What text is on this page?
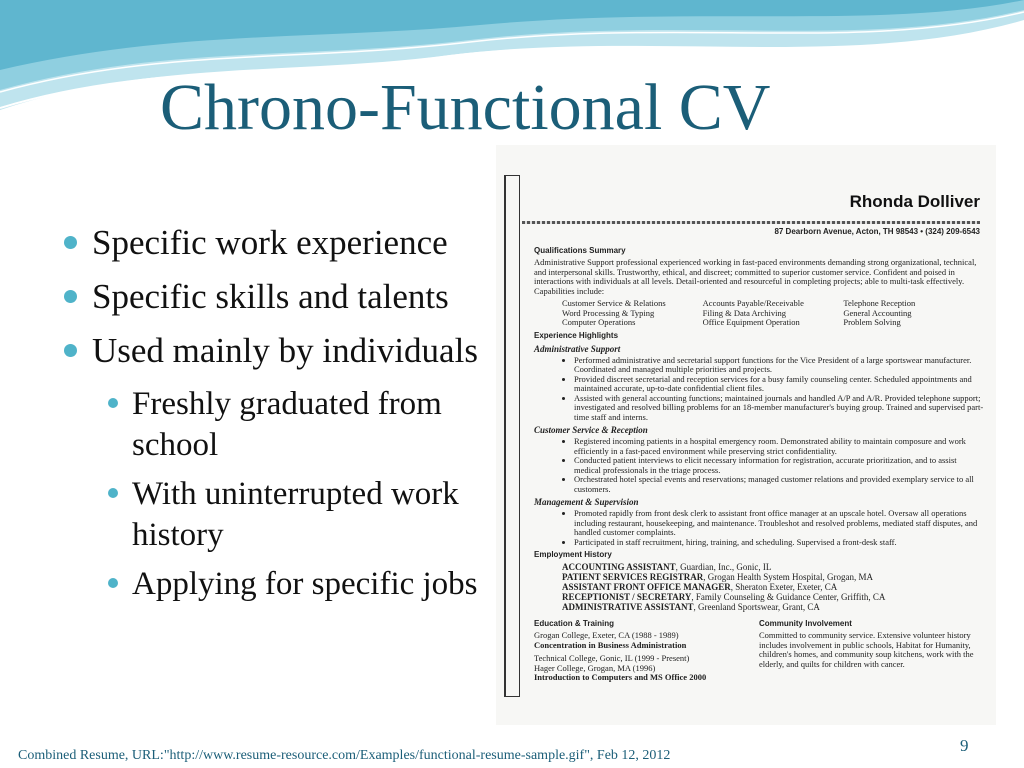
Chrono-Functional CV
Specific work experience
Specific skills and talents
Used mainly by individuals
Freshly graduated from school
With uninterrupted work history
Applying for specific jobs
Rhonda Dolliver
87 Dearborn Avenue, Acton, TH 98543 • (324) 209-6543
Qualifications Summary
Administrative Support professional experienced working in fast-paced environments demanding strong organizational, technical, and interpersonal skills. Trustworthy, ethical, and discreet; committed to superior customer service. Confident and poised in interactions with individuals at all levels. Detail-oriented and resourceful in completing projects; able to multi-task effectively. Capabilities include:
Customer Service & Relations
Word Processing & Typing
Computer Operations
Accounts Payable/Receivable
Filing & Data Archiving
Office Equipment Operation
Telephone Reception
General Accounting
Problem Solving
Experience Highlights
Administrative Support
• Performed administrative and secretarial support functions for the Vice President of a large sportswear manufacturer. Coordinated and managed multiple priorities and projects.
• Provided discreet secretarial and reception services for a busy family counseling center. Scheduled appointments and maintained accurate, up-to-date confidential client files.
• Assisted with general accounting functions; maintained journals and handled A/P and A/R. Provided telephone support; investigated and resolved billing problems for an 18-member manufacturer's buying group. Trained and supervised part-time staff and interns.
Customer Service & Reception
• Registered incoming patients in a hospital emergency room. Demonstrated ability to maintain composure and work efficiently in a fast-paced environment while preserving strict confidentiality.
• Conducted patient interviews to elicit necessary information for registration, accurate prioritization, and to assist medical professionals in the triage process.
• Orchestrated hotel special events and reservations; managed customer relations and provided exemplary service to all customers.
Management & Supervision
• Promoted rapidly from front desk clerk to assistant front office manager at an upscale hotel. Oversaw all operations including restaurant, housekeeping, and maintenance. Troubleshot and resolved problems, mediated staff disputes, and handled customer complaints.
• Participated in staff recruitment, hiring, training, and scheduling. Supervised a front-desk staff.
Employment History
ACCOUNTING ASSISTANT, Guardian, Inc., Gonic, IL
PATIENT SERVICES REGISTRAR, Grogan Health System Hospital, Grogan, MA
ASSISTANT FRONT OFFICE MANAGER, Sheraton Exeter, Exeter, CA
RECEPTIONIST / SECRETARY, Family Counseling & Guidance Center, Griffith, CA
ADMINISTRATIVE ASSISTANT, Greenland Sportswear, Grant, CA
Education & Training
Grogan College, Exeter, CA (1988 - 1989)
Concentration in Business Administration
Technical College, Gonic, IL (1999 - Present)
Hager College, Grogan, MA (1996)
Introduction to Computers and MS Office 2000
Community Involvement
Committed to community service. Extensive volunteer history includes involvement in public schools, Habitat for Humanity, children's homes, and community soup kitchens, work with the elderly, and quilts for children with cancer.
Combined Resume, URL:"http://www.resume-resource.com/Examples/functional-resume-sample.gif", Feb 12, 2012
9
